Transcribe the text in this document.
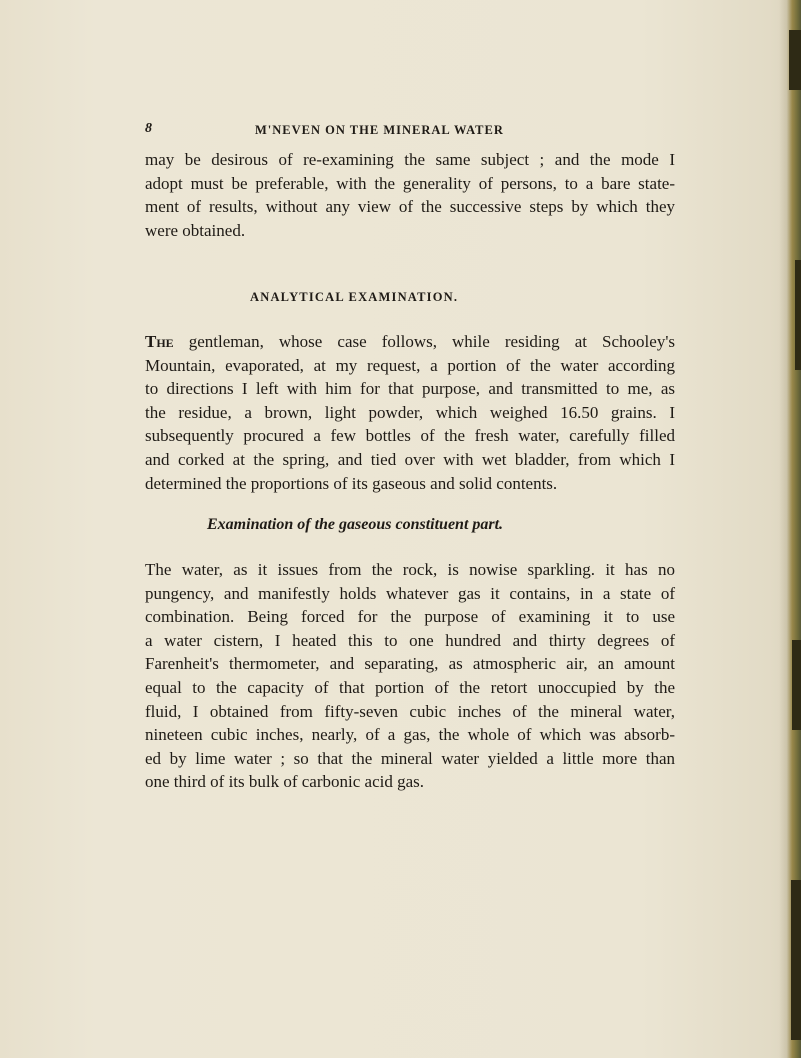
8	M'NEVEN ON THE MINERAL WATER
may be desirous of re-examining the same subject ; and the mode I
adopt must be preferable, with the generality of persons, to a bare state-
ment of results, without any view of the successive steps by which they
were obtained.
ANALYTICAL EXAMINATION.
The gentleman, whose case follows, while residing at Schooley's
Mountain, evaporated, at my request, a portion of the water according
to directions I left with him for that purpose, and transmitted to me, as
the residue, a brown, light powder, which weighed 16.50 grains. I
subsequently procured a few bottles of the fresh water, carefully filled
and corked at the spring, and tied over with wet bladder, from which I
determined the proportions of its gaseous and solid contents.
Examination of the gaseous constituent part.
The water, as it issues from the rock, is nowise sparkling. it has no
pungency, and manifestly holds whatever gas it contains, in a state of
combination. Being forced for the purpose of examining it to use
a water cistern, I heated this to one hundred and thirty degrees of
Farenheit's thermometer, and separating, as atmospheric air, an amount
equal to the capacity of that portion of the retort unoccupied by the
fluid, I obtained from fifty-seven cubic inches of the mineral water,
nineteen cubic inches, nearly, of a gas, the whole of which was absorb-
ed by lime water ; so that the mineral water yielded a little more than
one third of its bulk of carbonic acid gas.
